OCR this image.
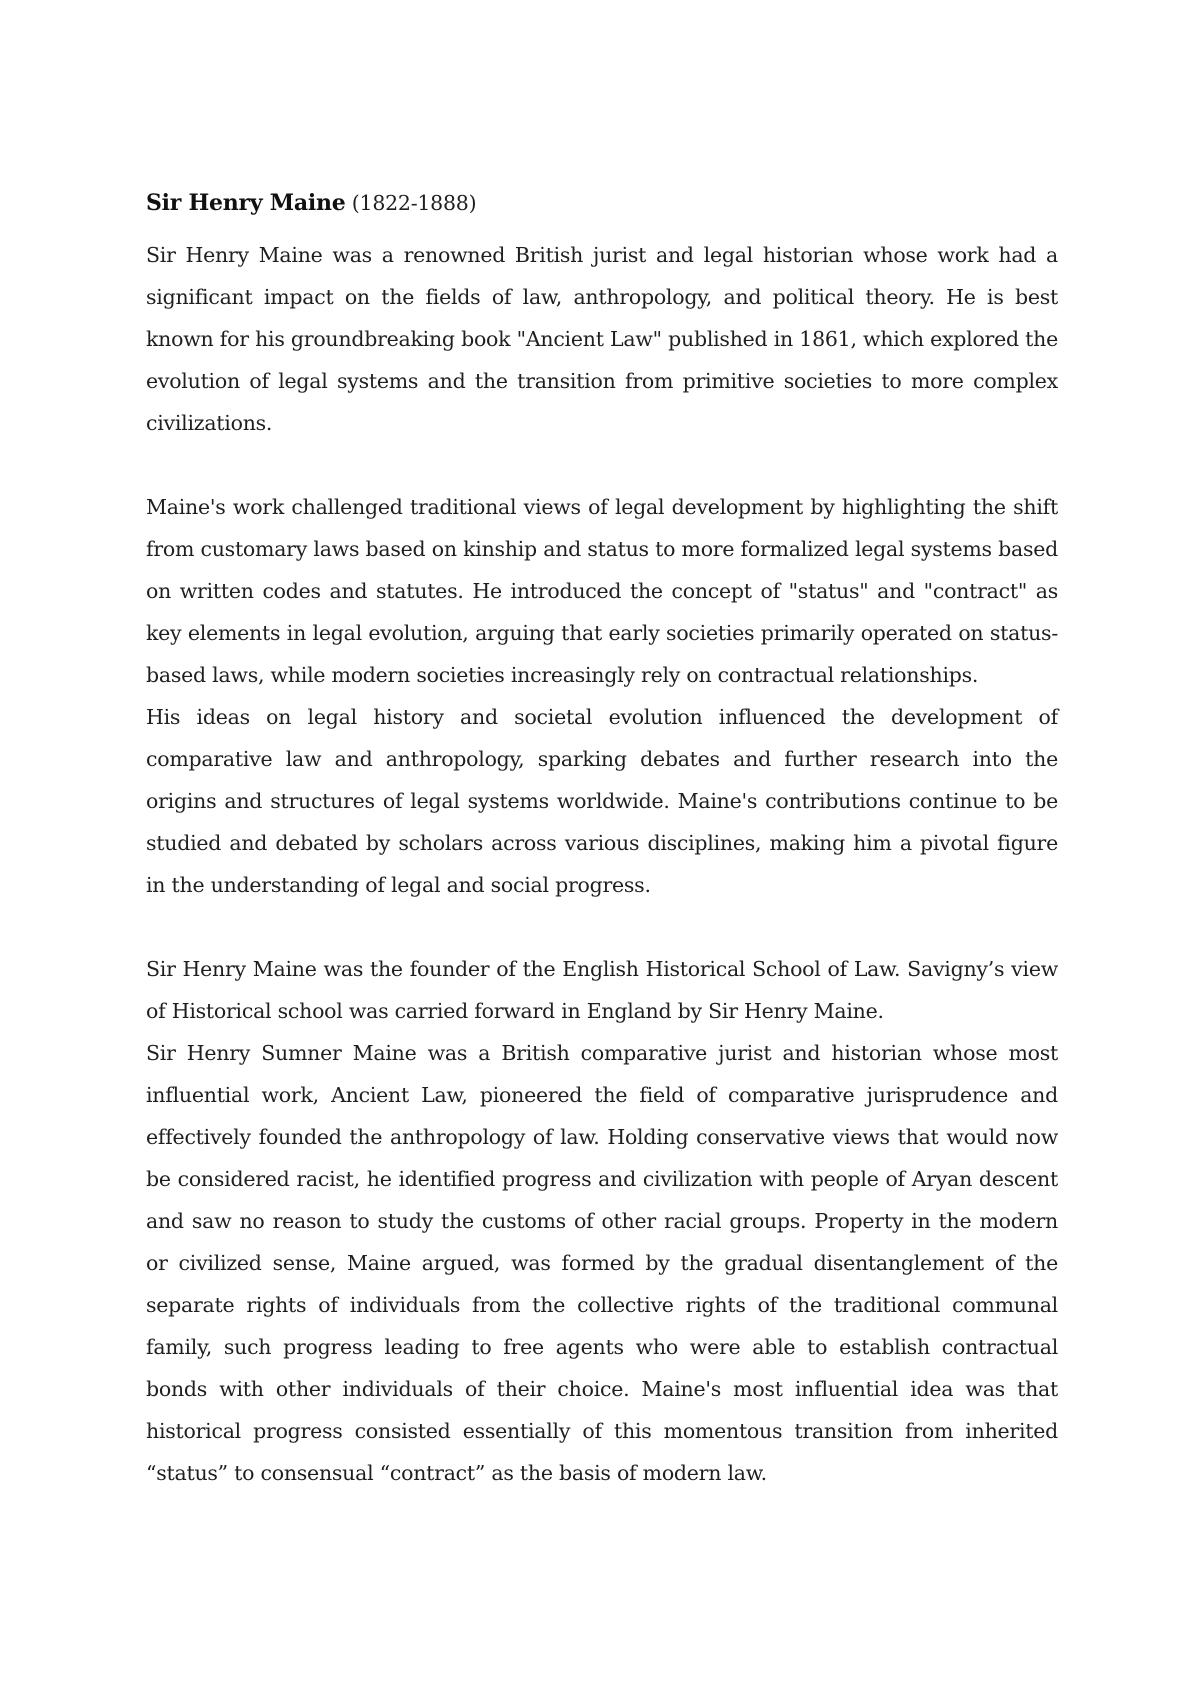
Sir Henry Maine (1822-1888)

Sir Henry Maine was a renowned British jurist and legal historian whose work had a significant impact on the fields of law, anthropology, and political theory. He is best known for his groundbreaking book "Ancient Law" published in 1861, which explored the evolution of legal systems and the transition from primitive societies to more complex civilizations.

Maine's work challenged traditional views of legal development by highlighting the shift from customary laws based on kinship and status to more formalized legal systems based on written codes and statutes. He introduced the concept of "status" and "contract" as key elements in legal evolution, arguing that early societies primarily operated on status-based laws, while modern societies increasingly rely on contractual relationships.

His ideas on legal history and societal evolution influenced the development of comparative law and anthropology, sparking debates and further research into the origins and structures of legal systems worldwide. Maine's contributions continue to be studied and debated by scholars across various disciplines, making him a pivotal figure in the understanding of legal and social progress.

Sir Henry Maine was the founder of the English Historical School of Law. Savigny’s view of Historical school was carried forward in England by Sir Henry Maine.

Sir Henry Sumner Maine was a British comparative jurist and historian whose most influential work, Ancient Law, pioneered the field of comparative jurisprudence and effectively founded the anthropology of law. Holding conservative views that would now be considered racist, he identified progress and civilization with people of Aryan descent and saw no reason to study the customs of other racial groups. Property in the modern or civilized sense, Maine argued, was formed by the gradual disentanglement of the separate rights of individuals from the collective rights of the traditional communal family, such progress leading to free agents who were able to establish contractual bonds with other individuals of their choice. Maine's most influential idea was that historical progress consisted essentially of this momentous transition from inherited “status” to consensual “contract” as the basis of modern law.
